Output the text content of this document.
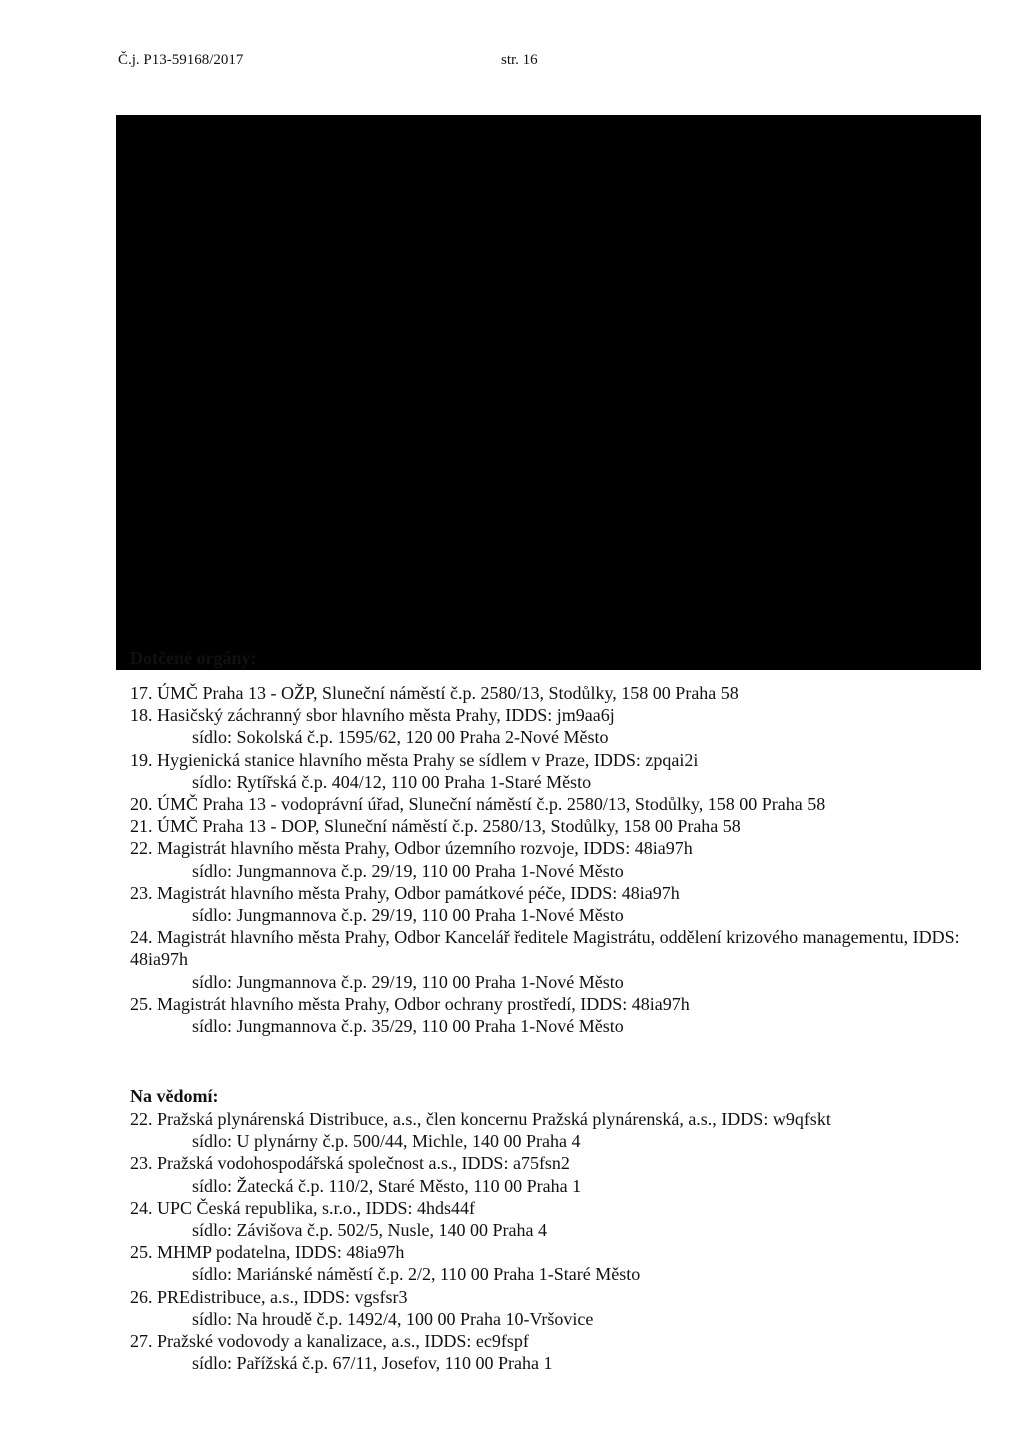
Č.j. P13-59168/2017	str. 16
Dotčené orgány:
17. ÚMČ Praha 13 - OŽP, Sluneční náměstí č.p. 2580/13, Stodůlky, 158 00 Praha 58
18. Hasičský záchranný sbor hlavního města Prahy, IDDS: jm9aa6j
sídlo: Sokolská č.p. 1595/62, 120 00 Praha 2-Nové Město
19. Hygienická stanice hlavního města Prahy se sídlem v Praze, IDDS: zpqai2i
sídlo: Rytířská č.p. 404/12, 110 00 Praha 1-Staré Město
20. ÚMČ Praha 13 - vodoprávní úřad, Sluneční náměstí č.p. 2580/13, Stodůlky, 158 00 Praha 58
21. ÚMČ Praha 13 - DOP, Sluneční náměstí č.p. 2580/13, Stodůlky, 158 00 Praha 58
22. Magistrát hlavního města Prahy, Odbor územního rozvoje, IDDS: 48ia97h
sídlo: Jungmannova č.p. 29/19, 110 00 Praha 1-Nové Město
23. Magistrát hlavního města Prahy, Odbor památkové péče, IDDS: 48ia97h
sídlo: Jungmannova č.p. 29/19, 110 00 Praha 1-Nové Město
24. Magistrát hlavního města Prahy, Odbor Kancelář ředitele Magistrátu, oddělení krizového managementu, IDDS: 48ia97h
sídlo: Jungmannova č.p. 29/19, 110 00 Praha 1-Nové Město
25. Magistrát hlavního města Prahy, Odbor ochrany prostředí, IDDS: 48ia97h
sídlo: Jungmannova č.p. 35/29, 110 00 Praha 1-Nové Město
Na vědomí:
22. Pražská plynárenská Distribuce, a.s., člen koncernu Pražská plynárenská, a.s., IDDS: w9qfskt
sídlo: U plynárny č.p. 500/44, Michle, 140 00 Praha 4
23. Pražská vodohospodářská společnost a.s., IDDS: a75fsn2
sídlo: Žatecká č.p. 110/2, Staré Město, 110 00 Praha 1
24. UPC Česká republika, s.r.o., IDDS: 4hds44f
sídlo: Závišova č.p. 502/5, Nusle, 140 00 Praha 4
25. MHMP podatelna, IDDS: 48ia97h
sídlo: Mariánské náměstí č.p. 2/2, 110 00 Praha 1-Staré Město
26. PREdistribuce, a.s., IDDS: vgsfsr3
sídlo: Na hroudě č.p. 1492/4, 100 00 Praha 10-Vršovice
27. Pražské vodovody a kanalizace, a.s., IDDS: ec9fspf
sídlo: Pařížská č.p. 67/11, Josefov, 110 00 Praha 1
